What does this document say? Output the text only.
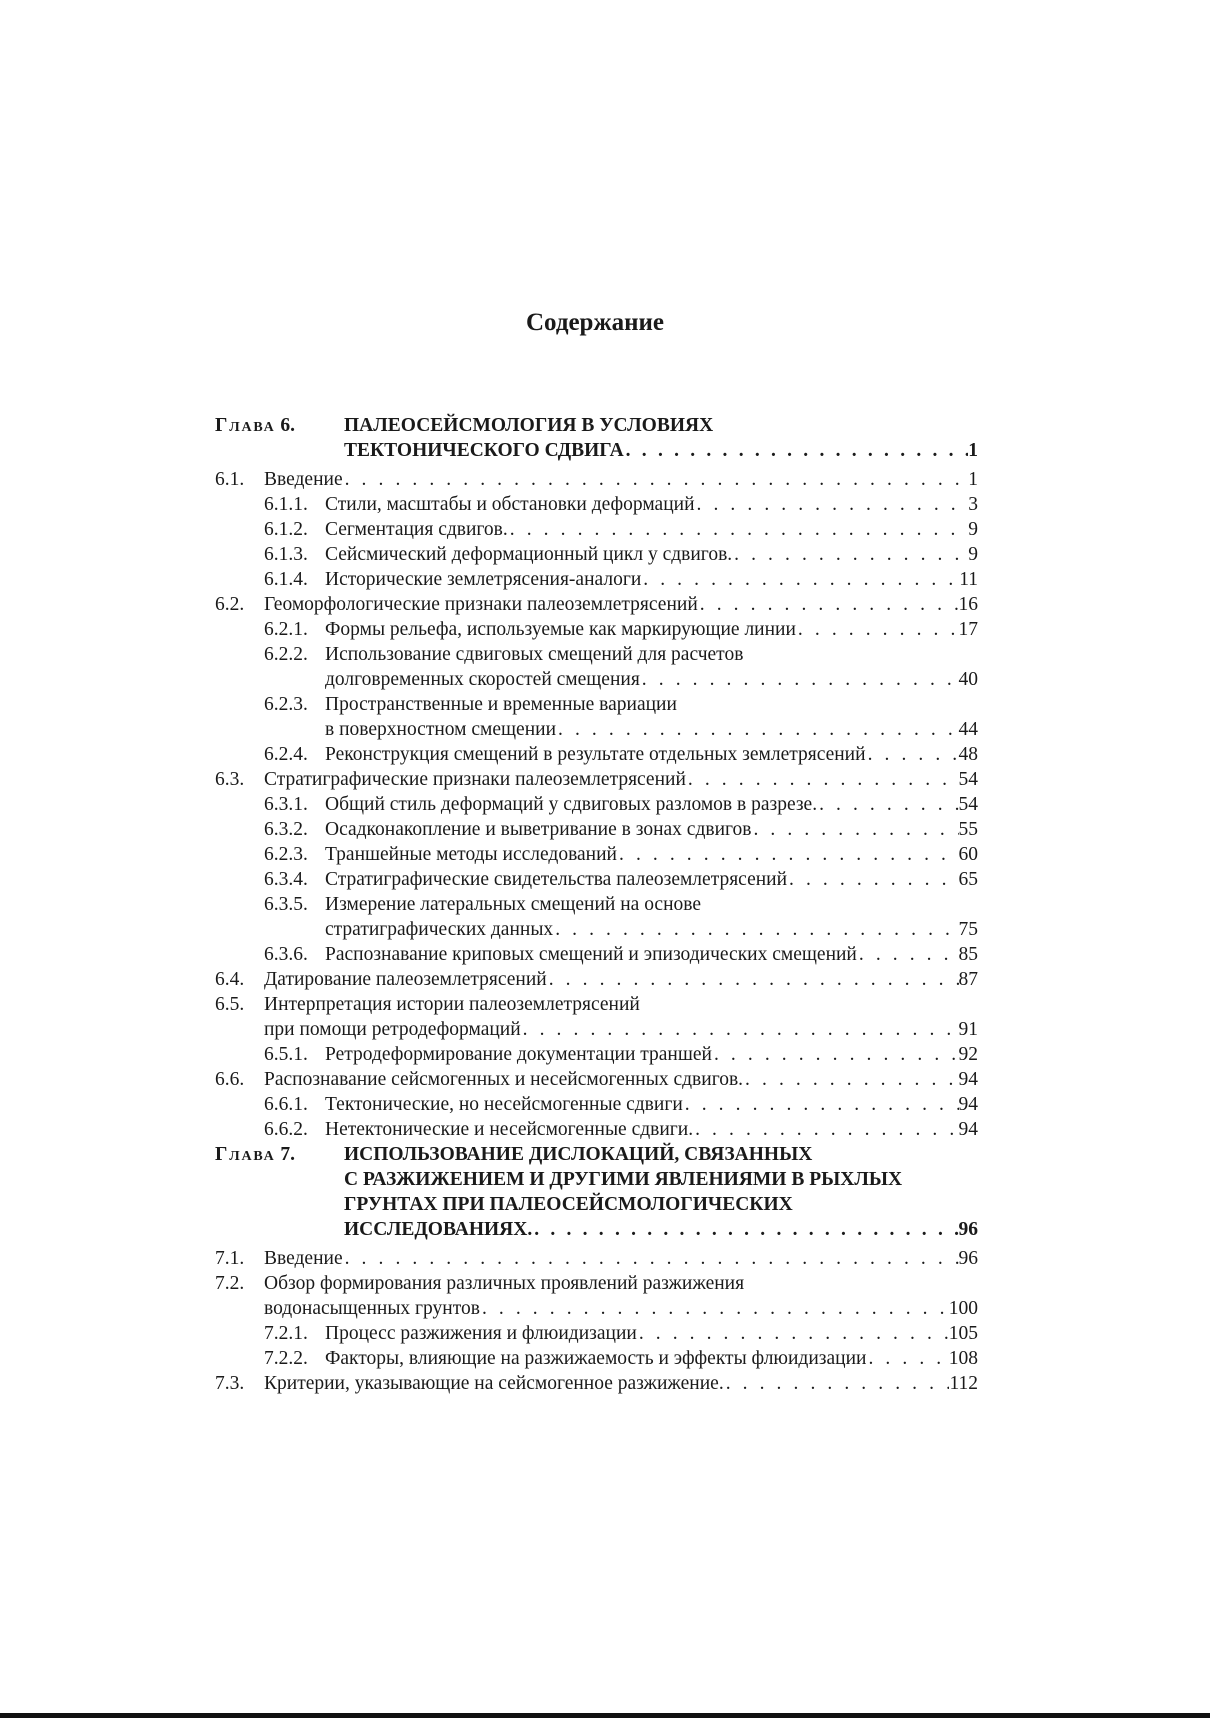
Содержание
Глава 6.	ПАЛЕОСЕЙСМОЛОГИЯ В УСЛОВИЯХ
ТЕКТОНИЧЕСКОГО СДВИГА . . .	1
6.1.	Введение . . .	1
6.1.1. Стили, масштабы и обстановки деформаций . . .	3
6.1.2. Сегментация сдвигов. . . .	9
6.1.3. Сейсмический деформационный цикл у сдвигов. . . .	9
6.1.4. Исторические землетрясения-аналоги . . .	11
6.2.	Геоморфологические признаки палеоземлетрясений . . .	16
6.2.1. Формы рельефа, используемые как маркирующие линии . . .	17
6.2.2. Использование сдвиговых смещений для расчетов
долговременных скоростей смещения . . .	40
6.2.3. Пространственные и временные вариации
в поверхностном смещении . . .	44
6.2.4. Реконструкция смещений в результате отдельных землетрясений . . .	48
6.3.	Стратиграфические признаки палеоземлетрясений . . .	54
6.3.1. Общий стиль деформаций у сдвиговых разломов в разрезе. . . .	54
6.3.2. Осадконакопление и выветривание в зонах сдвигов . . .	55
6.2.3. Траншейные методы исследований . . .	60
6.3.4. Стратиграфические свидетельства палеоземлетрясений . . .	65
6.3.5. Измерение латеральных смещений на основе
стратиграфических данных . . .	75
6.3.6. Распознавание криповых смещений и эпизодических смещений . . .	85
6.4.	Датирование палеоземлетрясений . . .	87
6.5.	Интерпретация истории палеоземлетрясений
при помощи ретродеформаций . . .	91
6.5.1. Ретродеформирование документации траншей . . .	92
6.6.	Распознавание сейсмогенных и несейсмогенных сдвигов. . . .	94
6.6.1. Тектонические, но несейсмогенные сдвиги . . .	94
6.6.2. Нетектонические и несейсмогенные сдвиги. . . .	94
Глава 7.	ИСПОЛЬЗОВАНИЕ ДИСЛОКАЦИЙ, СВЯЗАННЫХ
С РАЗЖИЖЕНИЕМ И ДРУГИМИ ЯВЛЕНИЯМИ В РЫХЛЫХ
ГРУНТАХ ПРИ ПАЛЕОСЕЙСМОЛОГИЧЕСКИХ
ИССЛЕДОВАНИЯХ. . . .	96
7.1.	Введение . . .	96
7.2.	Обзор формирования различных проявлений разжижения
водонасыщенных грунтов . . .	100
7.2.1. Процесс разжижения и флюидизации . . .	105
7.2.2. Факторы, влияющие на разжижаемость и эффекты флюидизации . . .	108
7.3.	Критерии, указывающие на сейсмогенное разжижение. . . .	112
